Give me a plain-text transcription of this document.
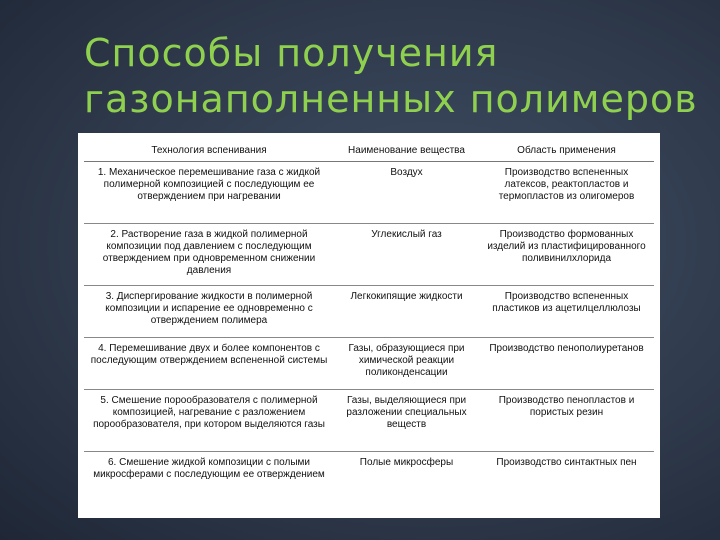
Способы получения
газонаполненных полимеров
Технология вспенивания	Наименование вещества	Область применения
1. Механическое перемешивание газа с жидкой полимерной композицией с последующим ее отверждением при нагревании	Воздух	Производство вспененных латексов, реактопластов и термопластов из олигомеров
2. Растворение газа в жидкой полимерной композиции под давлением с последующим отверждением при одновременном снижении давления	Углекислый газ	Производство формованных изделий из пластифицированного поливинилхлорида
3. Диспергирование жидкости в полимерной композиции и испарение ее одновременно с отверждением полимера	Легкокипящие жидкости	Производство вспененных пластиков из ацетилцеллюлозы
4. Перемешивание двух и более компонентов с последующим отверждением вспененной системы	Газы, образующиеся при химической реакции поликонденсации	Производство пенополиуретанов
5. Смешение порообразователя с полимерной композицией, нагревание с разложением порообразователя, при котором выделяются газы	Газы, выделяющиеся при разложении специальных веществ	Производство пенопластов и пористых резин
6. Смешение жидкой композиции с полыми микросферами с последующим ее отверждением	Полые микросферы	Производство синтактных пен
